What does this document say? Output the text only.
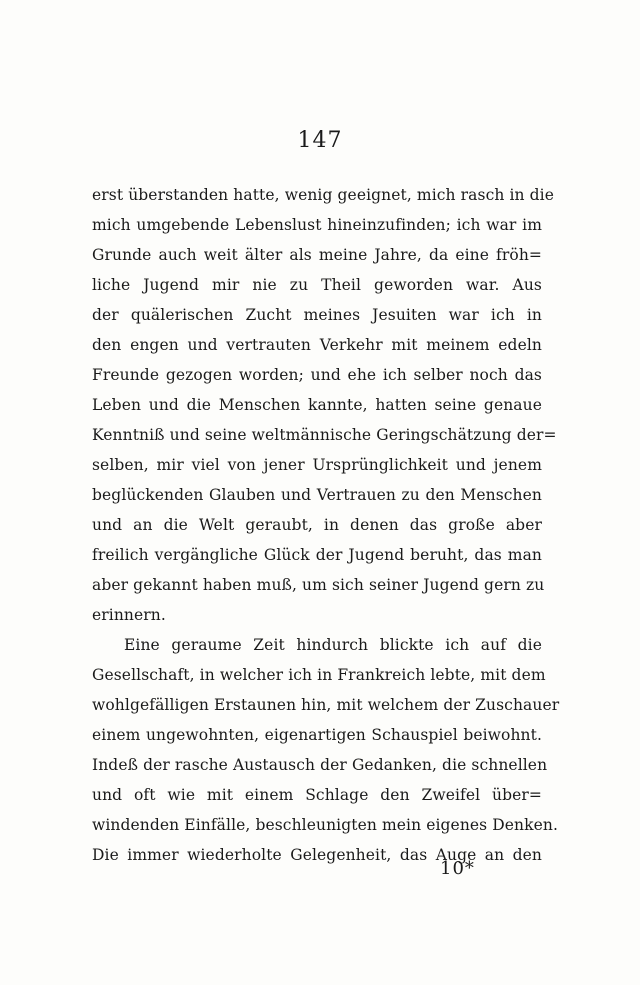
147
erst überstanden hatte, wenig geeignet, mich rasch in die
mich umgebende Lebenslust hineinzufinden; ich war im
Grunde auch weit älter als meine Jahre, da eine fröh=
liche Jugend mir nie zu Theil geworden war. Aus
der quälerischen Zucht meines Jesuiten war ich in
den engen und vertrauten Verkehr mit meinem edeln
Freunde gezogen worden; und ehe ich selber noch das
Leben und die Menschen kannte, hatten seine genaue
Kenntniß und seine weltmännische Geringschätzung der=
selben, mir viel von jener Ursprünglichkeit und jenem
beglückenden Glauben und Vertrauen zu den Menschen
und an die Welt geraubt, in denen das große aber
freilich vergängliche Glück der Jugend beruht, das man
aber gekannt haben muß, um sich seiner Jugend gern zu
erinnern.
Eine geraume Zeit hindurch blickte ich auf die
Gesellschaft, in welcher ich in Frankreich lebte, mit dem
wohlgefälligen Erstaunen hin, mit welchem der Zuschauer
einem ungewohnten, eigenartigen Schauspiel beiwohnt.
Indeß der rasche Austausch der Gedanken, die schnellen
und oft wie mit einem Schlage den Zweifel über=
windenden Einfälle, beschleunigten mein eigenes Denken.
Die immer wiederholte Gelegenheit, das Auge an den
10*
